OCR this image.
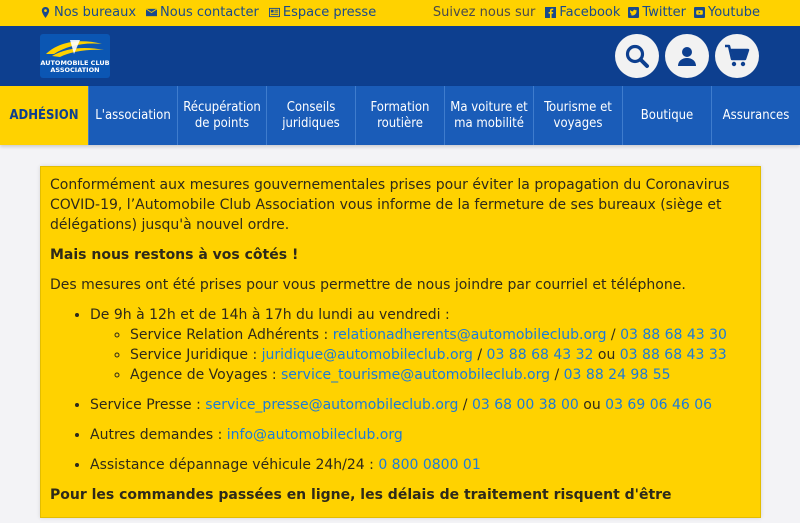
Nos bureaux Nous contacter Espace presse	Suivez nous sur Facebook Twitter Youtube
AUTOMOBILE CLUB
ASSOCIATION
ADHÉSION L'association
Récupération
de points
Conseils
juridiques
Formation
routière
Ma voiture et
ma mobilité
Tourisme et
voyages
Boutique Assurances

Conformément aux mesures gouvernementales prises pour éviter la propagation du Coronavirus COVID-19, l’Automobile Club Association vous informe de la fermeture de ses bureaux (siège et délégations) jusqu'à nouvel ordre.

Mais nous restons à vos côtés !

Des mesures ont été prises pour vous permettre de nous joindre par courriel et téléphone.

• De 9h à 12h et de 14h à 17h du lundi au vendredi :
◦ Service Relation Adhérents : relationadherents@automobileclub.org / 03 88 68 43 30
◦ Service Juridique : juridique@automobileclub.org / 03 88 68 43 32 ou 03 88 68 43 33
◦ Agence de Voyages : service_tourisme@automobileclub.org / 03 88 24 98 55
• Service Presse : service_presse@automobileclub.org / 03 68 00 38 00 ou 03 69 06 46 06
• Autres demandes : info@automobileclub.org
• Assistance dépannage véhicule 24h/24 : 0 800 0800 01

Pour les commandes passées en ligne, les délais de traitement risquent d'être
